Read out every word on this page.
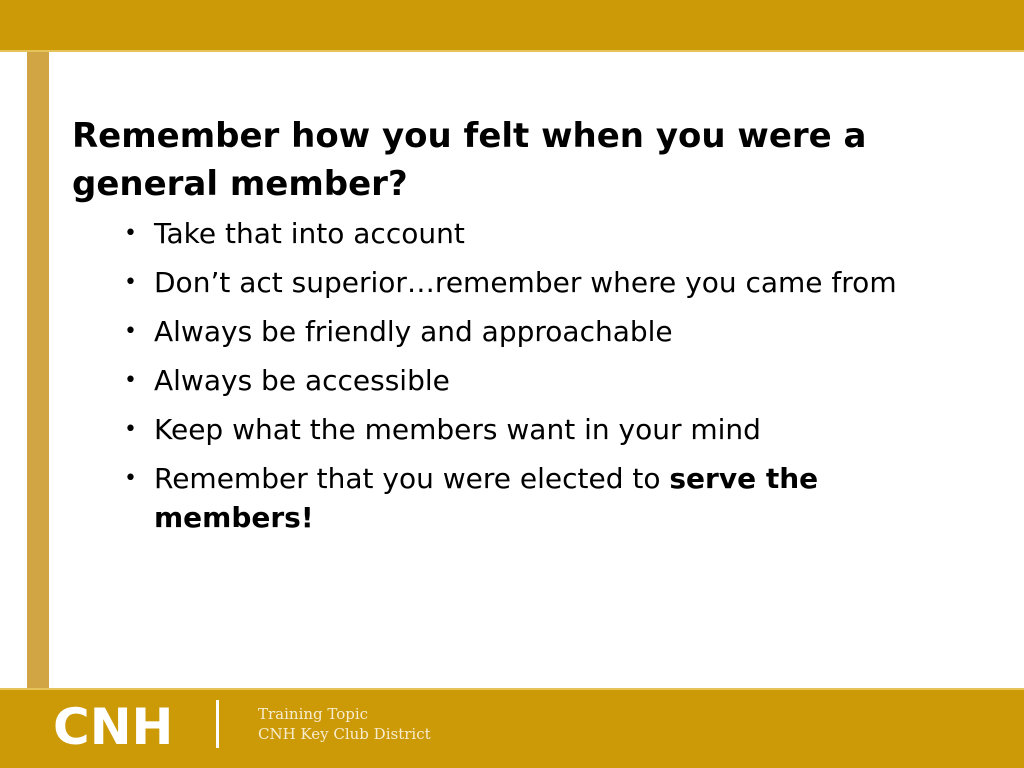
Remember how you felt when you were a general member?
• Take that into account
• Don’t act superior…remember where you came from
• Always be friendly and approachable
• Always be accessible
• Keep what the members want in your mind
• Remember that you were elected to serve the members!
CNH	Training Topic
CNH Key Club District
